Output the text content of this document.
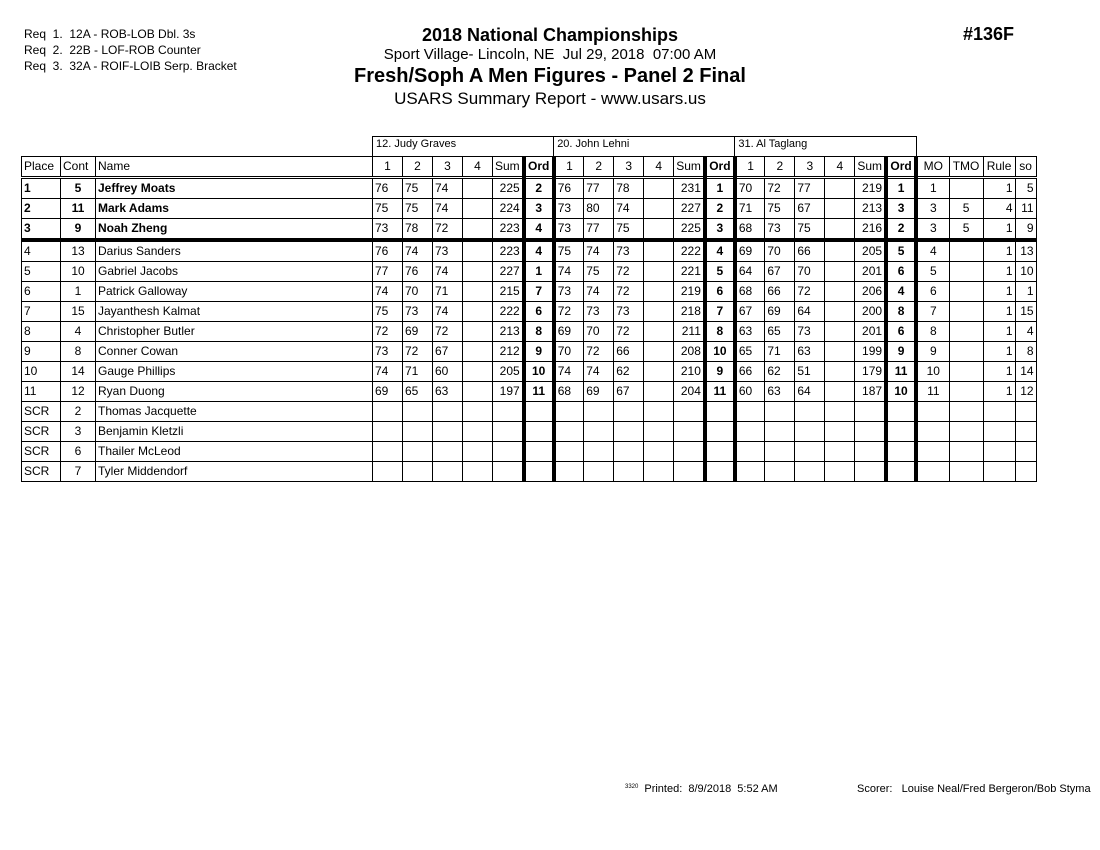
Req  1.  12A - ROB-LOB Dbl. 3s
Req  2.  22B - LOF-ROB Counter
Req  3.  32A - ROIF-LOIB Serp. Bracket
2018 National Championships
Sport Village- Lincoln, NE  Jul 29, 2018  07:00 AM
Fresh/Soph A Men Figures - Panel 2 Final
USARS Summary Report - www.usars.us
#136F
			12. Judy Graves						20. John Lehni						31. Al Taglang									
Place	Cont	Name	1	2	3	4	Sum	Ord	1	2	3	4	Sum	Ord	1	2	3	4	Sum	Ord	MO	TMO	Rule	so
1	5	Jeffrey Moats	76	75	74		225	2	76	77	78		231	1	70	72	77		219	1	1		1	5
2	11	Mark Adams	75	75	74		224	3	73	80	74		227	2	71	75	67		213	3	3	5	4	11
3	9	Noah Zheng	73	78	72		223	4	73	77	75		225	3	68	73	75		216	2	3	5	1	9
4	13	Darius Sanders	76	74	73		223	4	75	74	73		222	4	69	70	66		205	5	4		1	13
5	10	Gabriel Jacobs	77	76	74		227	1	74	75	72		221	5	64	67	70		201	6	5		1	10
6	1	Patrick Galloway	74	70	71		215	7	73	74	72		219	6	68	66	72		206	4	6		1	1
7	15	Jayanthesh Kalmat	75	73	74		222	6	72	73	73		218	7	67	69	64		200	8	7		1	15
8	4	Christopher Butler	72	69	72		213	8	69	70	72		211	8	63	65	73		201	6	8		1	4
9	8	Conner Cowan	73	72	67		212	9	70	72	66		208	10	65	71	63		199	9	9		1	8
10	14	Gauge Phillips	74	71	60		205	10	74	74	62		210	9	66	62	51		179	11	10		1	14
11	12	Ryan Duong	69	65	63		197	11	68	69	67		204	11	60	63	64		187	10	11		1	12
SCR	2	Thomas Jacquette																						
SCR	3	Benjamin Kletzli																						
SCR	6	Thailer McLeod																						
SCR	7	Tyler Middendorf																						
$^{3320}$ Printed:  8/9/2018  5:52 AM	Scorer:   Louise Neal/Fred Bergeron/Bob Styma
